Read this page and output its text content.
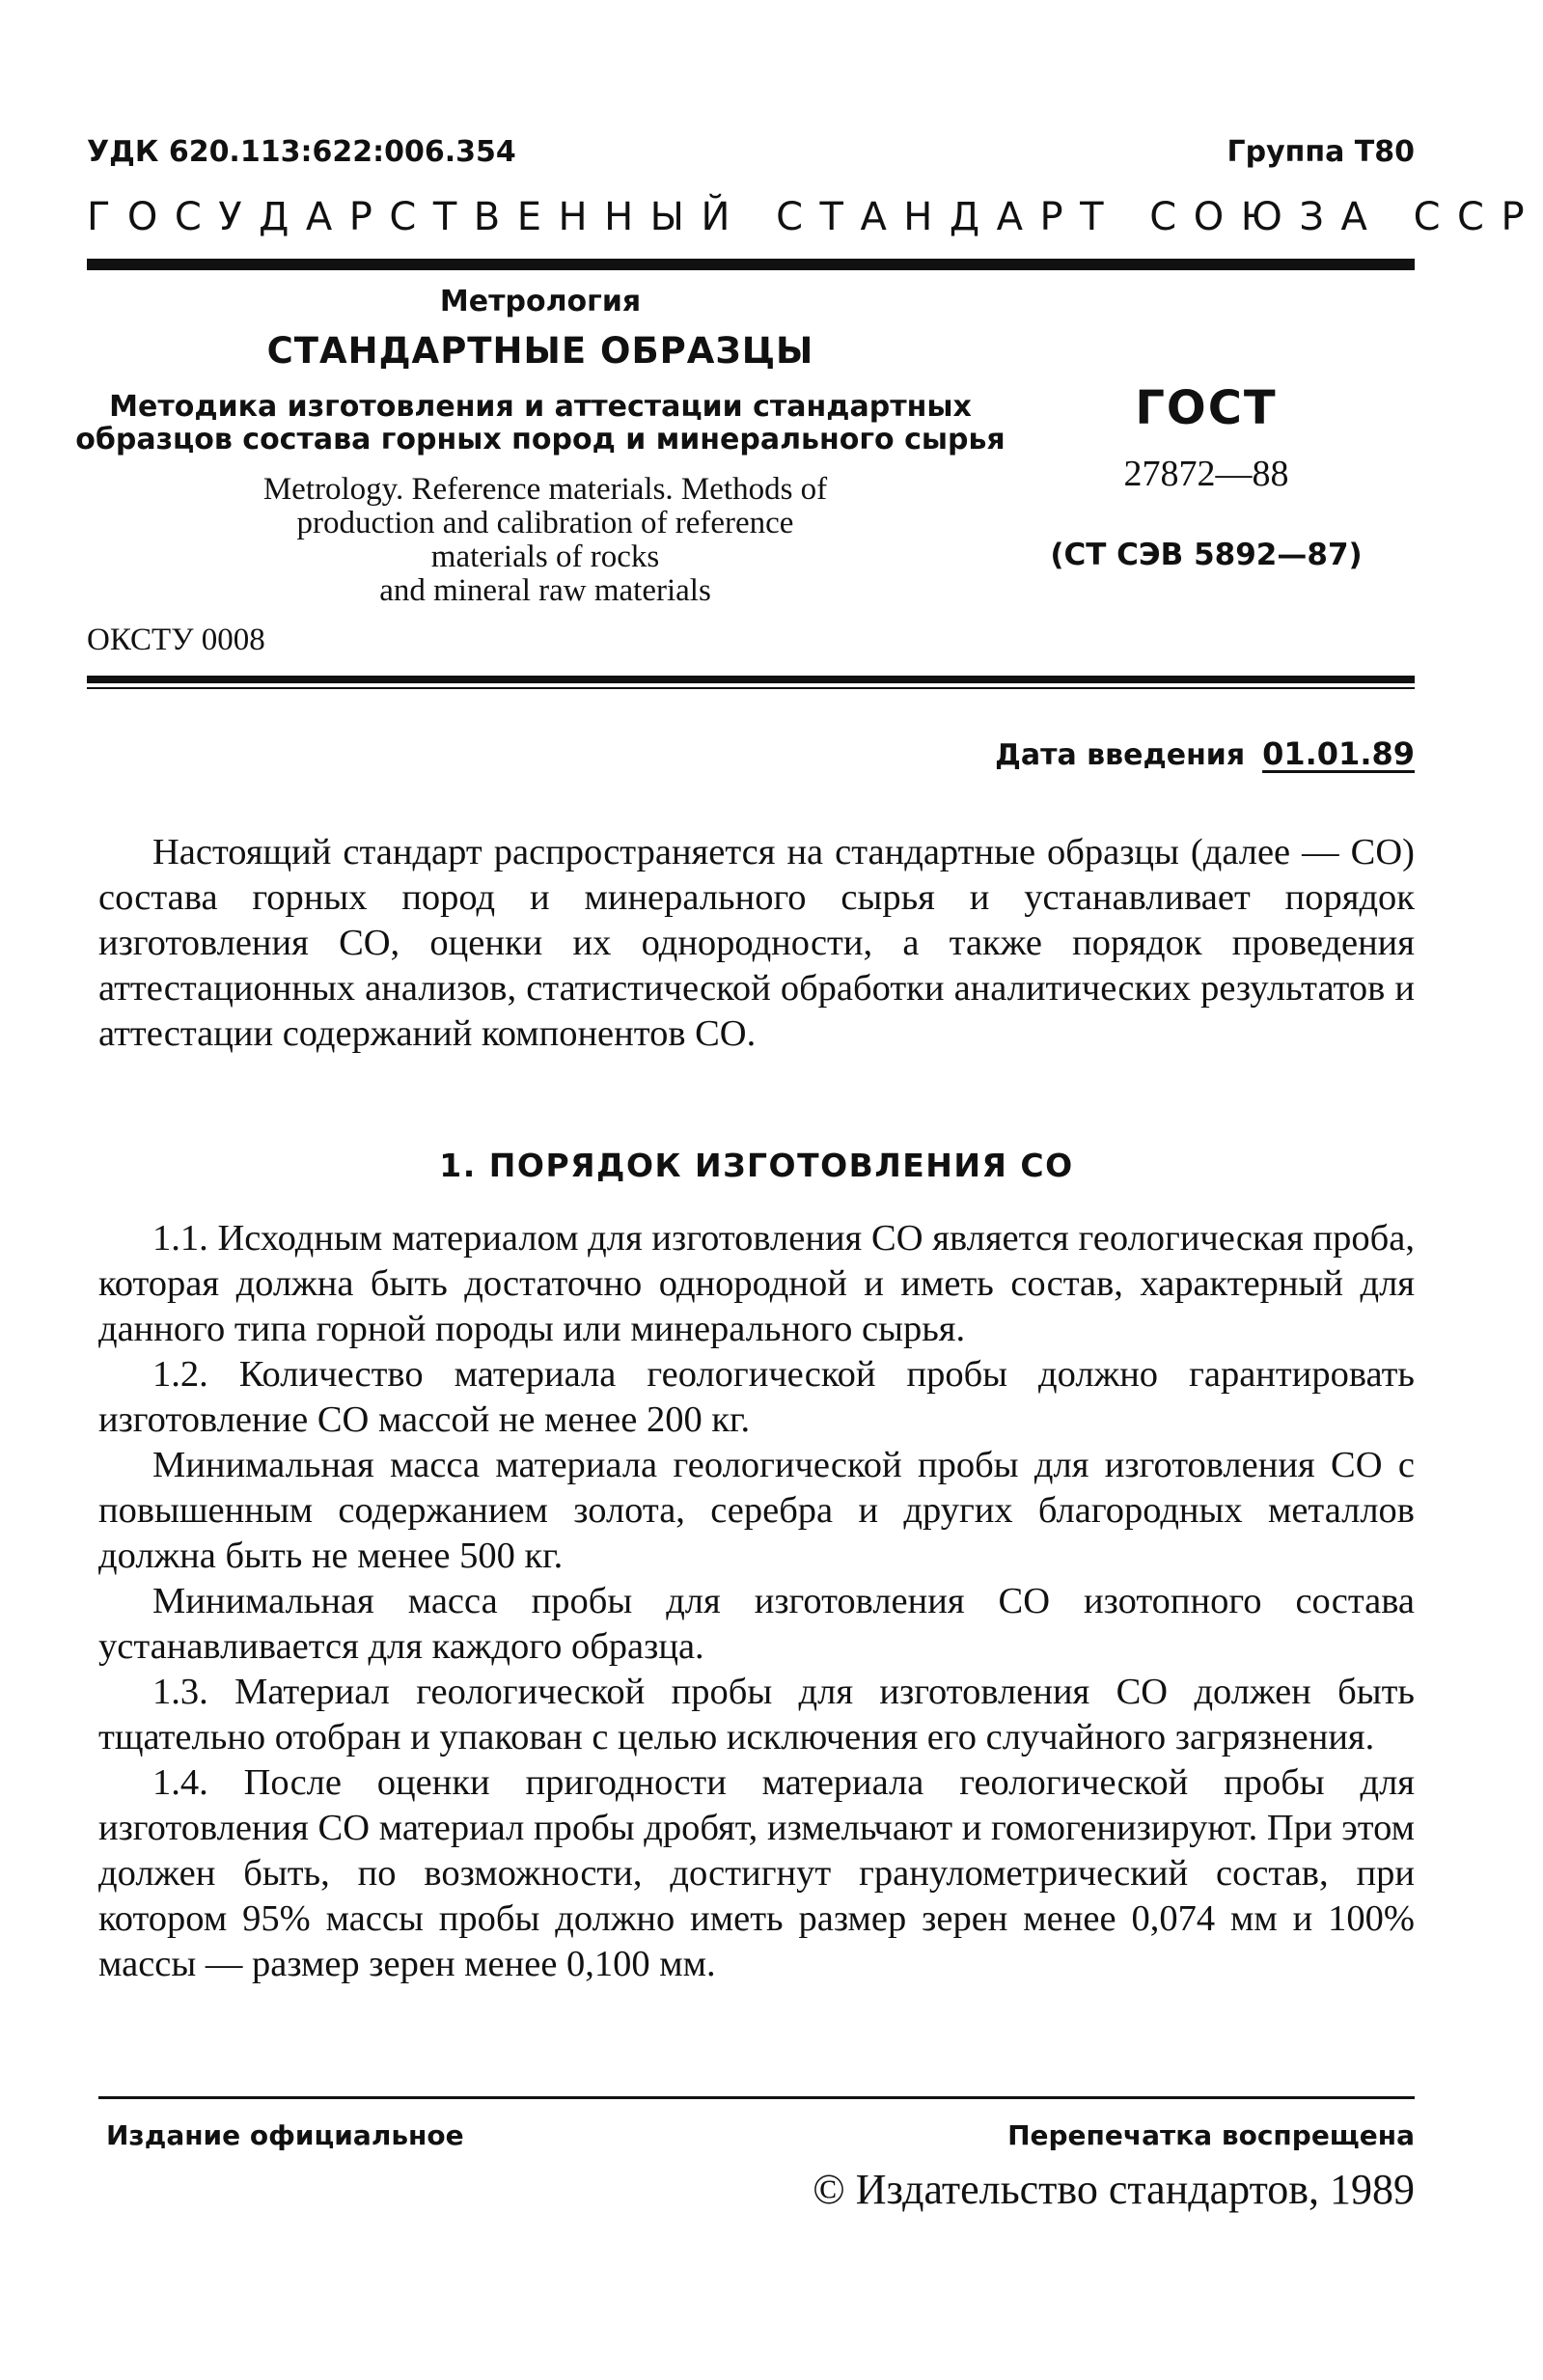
УДК 620.113:622:006.354	Группа Т80
ГОСУДАРСТВЕННЫЙ СТАНДАРТ СОЮЗА ССР
Метрология
СТАНДАРТНЫЕ ОБРАЗЦЫ
Методика изготовления и аттестации стандартных
образцов состава горных пород и минерального сырья
Metrology. Reference materials. Methods of
production and calibration of reference
materials of rocks
and mineral raw materials
ОКСТУ 0008
ГОСТ
27872—88
(СТ СЭВ 5892—87)
Дата введения 01.01.89

Настоящий стандарт распространяется на стандартные образцы (далее — СО) состава горных пород и минерального сырья и устанавливает порядок изготовления СО, оценки их однородности, а также порядок проведения аттестационных анализов, статистической обработки аналитических результатов и аттестации содержаний компонентов СО.

1. ПОРЯДОК ИЗГОТОВЛЕНИЯ СО

1.1. Исходным материалом для изготовления СО является геологическая проба, которая должна быть достаточно однородной и иметь состав, характерный для данного типа горной породы или минерального сырья.

1.2. Количество материала геологической пробы должно гарантировать изготовление СО массой не менее 200 кг.

Минимальная масса материала геологической пробы для изготовления СО с повышенным содержанием золота, серебра и других благородных металлов должна быть не менее 500 кг.

Минимальная масса пробы для изготовления СО изотопного состава устанавливается для каждого образца.

1.3. Материал геологической пробы для изготовления СО должен быть тщательно отобран и упакован с целью исключения его случайного загрязнения.

1.4. После оценки пригодности материала геологической пробы для изготовления СО материал пробы дробят, измельчают и гомогенизируют. При этом должен быть, по возможности, достигнут гранулометрический состав, при котором 95% массы пробы должно иметь размер зерен менее 0,074 мм и 100% массы — размер зерен менее 0,100 мм.

Издание официальное	Перепечатка воспрещена
© Издательство стандартов, 1989
